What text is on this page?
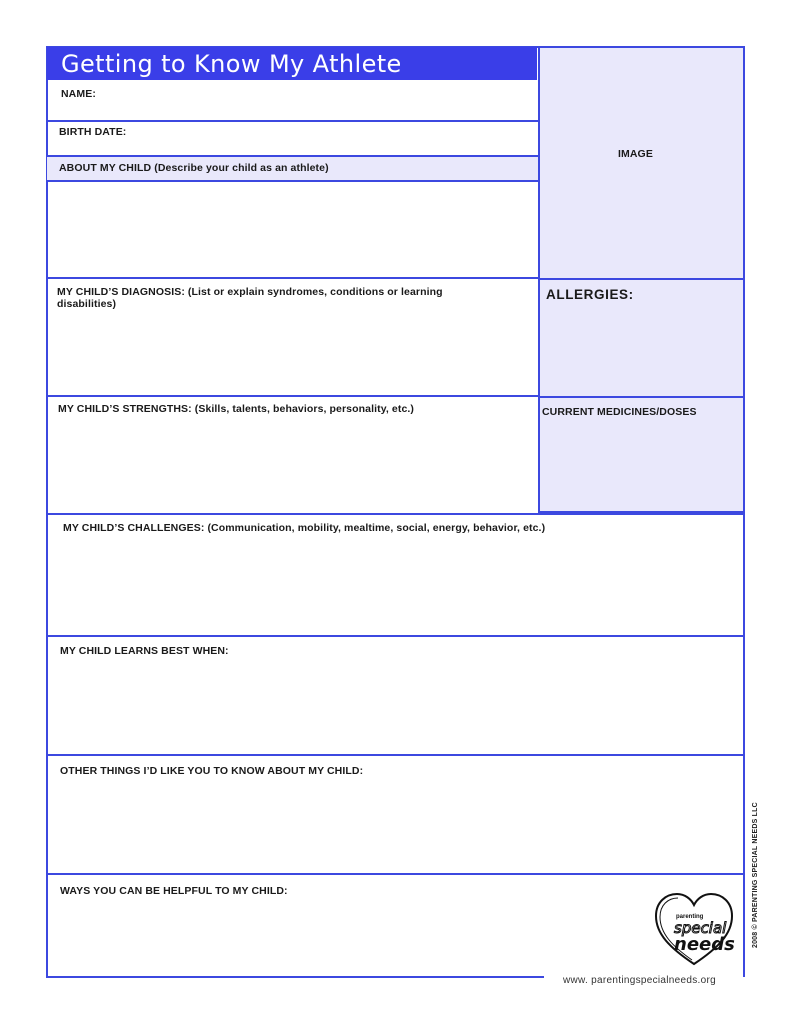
Getting to Know My Athlete
IMAGE
ALLERGIES:
CURRENT MEDICINES/DOSES
NAME:
BIRTH DATE:
ABOUT MY CHILD (Describe your child as an athlete)
MY CHILD’S DIAGNOSIS: (List or explain syndromes, conditions or learning disabilities)
MY CHILD’S STRENGTHS: (Skills, talents, behaviors, personality, etc.)
MY CHILD’S CHALLENGES: (Communication, mobility, mealtime, social, energy, behavior, etc.)
MY CHILD LEARNS BEST WHEN:
OTHER THINGS I’D LIKE YOU TO KNOW ABOUT MY CHILD:
WAYS YOU CAN BE HELPFUL TO MY CHILD:
parenting
special
needs 2008 © PARENTING SPECIAL NEEDS LLC
www. parentingspecialneeds.org
